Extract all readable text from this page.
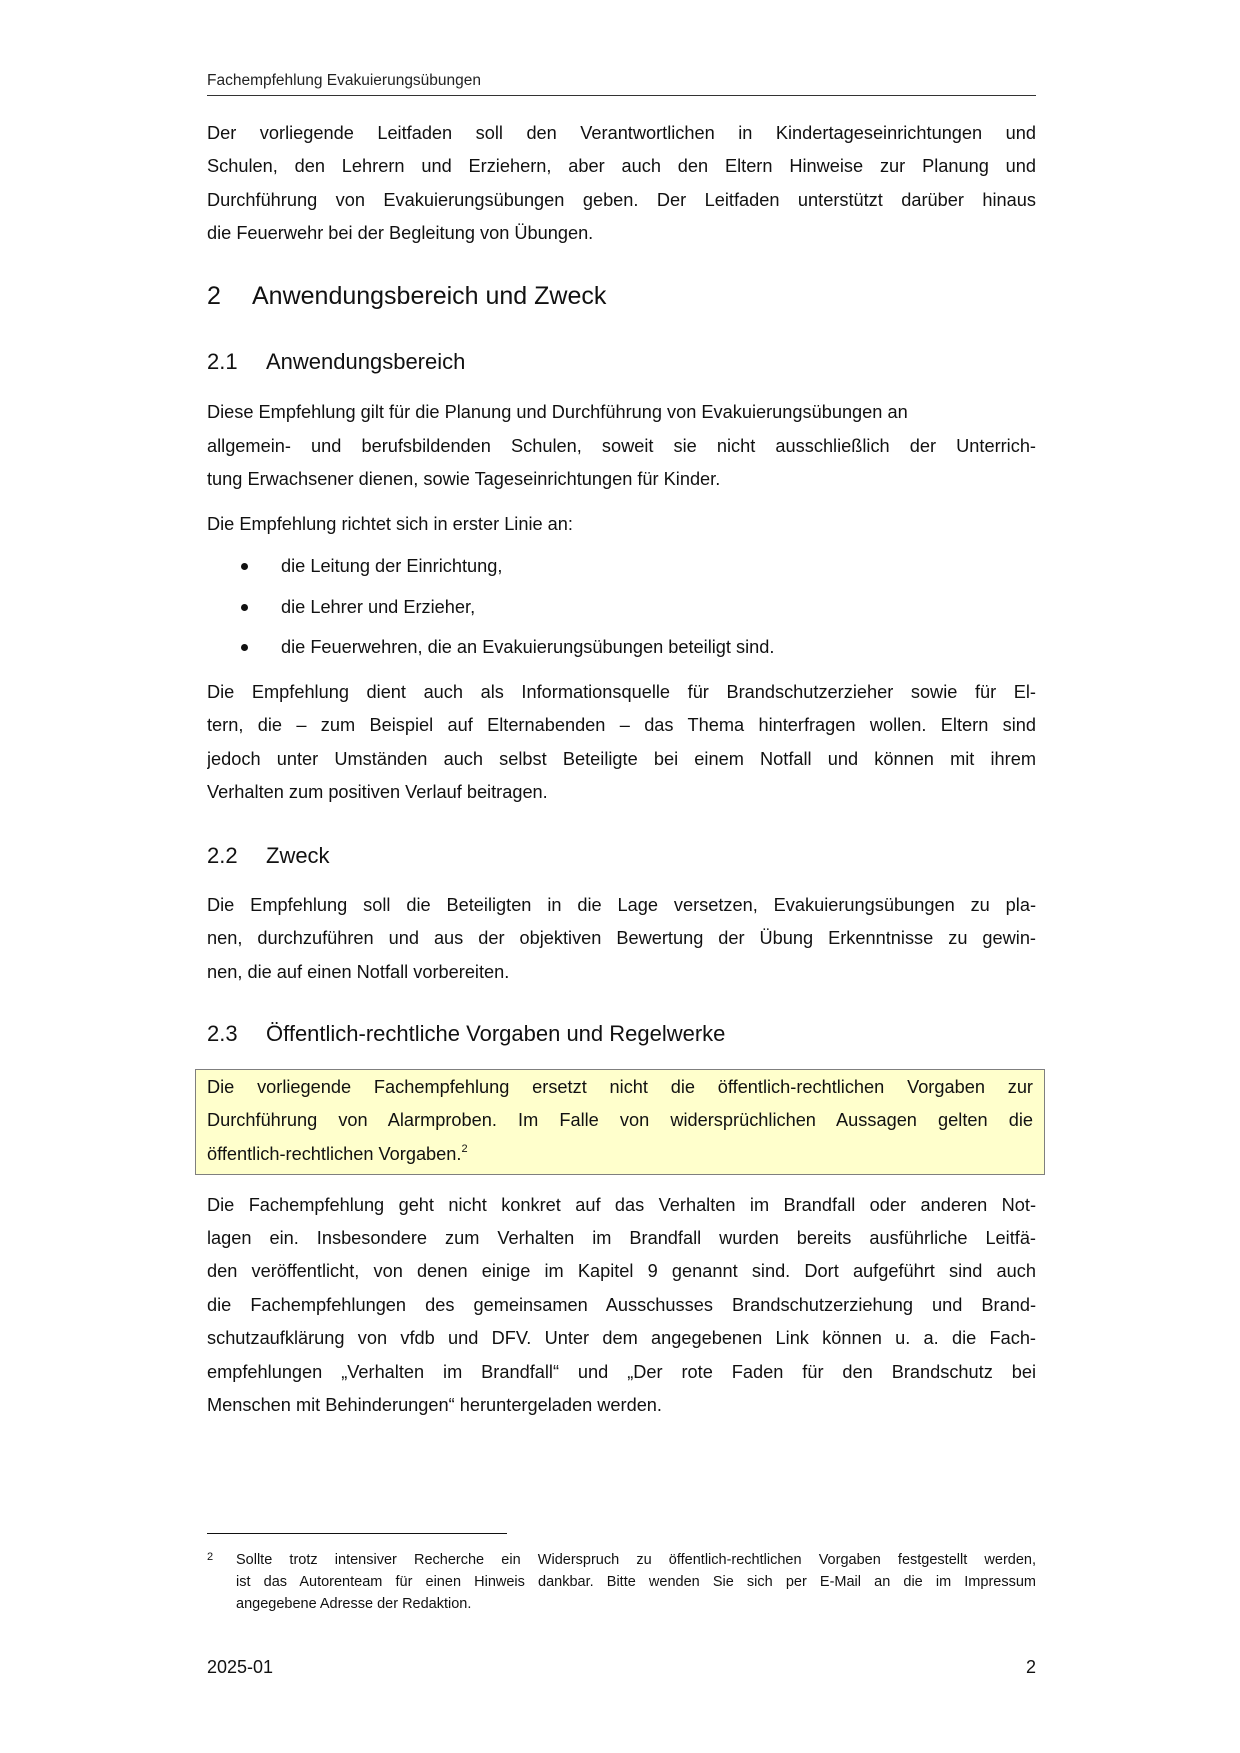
Fachempfehlung Evakuierungsübungen
Der vorliegende Leitfaden soll den Verantwortlichen in Kindertageseinrichtungen und
Schulen, den Lehrern und Erziehern, aber auch den Eltern Hinweise zur Planung und
Durchführung von Evakuierungsübungen geben. Der Leitfaden unterstützt darüber hinaus
die Feuerwehr bei der Begleitung von Übungen.
2 Anwendungsbereich und Zweck
2.1 Anwendungsbereich
Diese Empfehlung gilt für die Planung und Durchführung von Evakuierungsübungen an
allgemein- und berufsbildenden Schulen, soweit sie nicht ausschließlich der Unterrich-
tung Erwachsener dienen, sowie Tageseinrichtungen für Kinder.
Die Empfehlung richtet sich in erster Linie an:
die Leitung der Einrichtung,
die Lehrer und Erzieher,
die Feuerwehren, die an Evakuierungsübungen beteiligt sind.
Die Empfehlung dient auch als Informationsquelle für Brandschutzerzieher sowie für El-
tern, die – zum Beispiel auf Elternabenden – das Thema hinterfragen wollen. Eltern sind
jedoch unter Umständen auch selbst Beteiligte bei einem Notfall und können mit ihrem
Verhalten zum positiven Verlauf beitragen.
2.2 Zweck
Die Empfehlung soll die Beteiligten in die Lage versetzen, Evakuierungsübungen zu pla-
nen, durchzuführen und aus der objektiven Bewertung der Übung Erkenntnisse zu gewin-
nen, die auf einen Notfall vorbereiten.
2.3 Öffentlich-rechtliche Vorgaben und Regelwerke
Die vorliegende Fachempfehlung ersetzt nicht die öffentlich-rechtlichen Vorgaben zur
Durchführung von Alarmproben. Im Falle von widersprüchlichen Aussagen gelten die
öffentlich-rechtlichen Vorgaben.$^2$
Die Fachempfehlung geht nicht konkret auf das Verhalten im Brandfall oder anderen Not-
lagen ein. Insbesondere zum Verhalten im Brandfall wurden bereits ausführliche Leitfä-
den veröffentlicht, von denen einige im Kapitel 9 genannt sind. Dort aufgeführt sind auch
die Fachempfehlungen des gemeinsamen Ausschusses Brandschutzerziehung und Brand-
schutzaufklärung von vfdb und DFV. Unter dem angegebenen Link können u. a. die Fach-
empfehlungen „Verhalten im Brandfall“ und „Der rote Faden für den Brandschutz bei
Menschen mit Behinderungen“ heruntergeladen werden.
2 Sollte trotz intensiver Recherche ein Widerspruch zu öffentlich-rechtlichen Vorgaben festgestellt werden,
ist das Autorenteam für einen Hinweis dankbar. Bitte wenden Sie sich per E-Mail an die im Impressum
angegebene Adresse der Redaktion.
2025-01	2
